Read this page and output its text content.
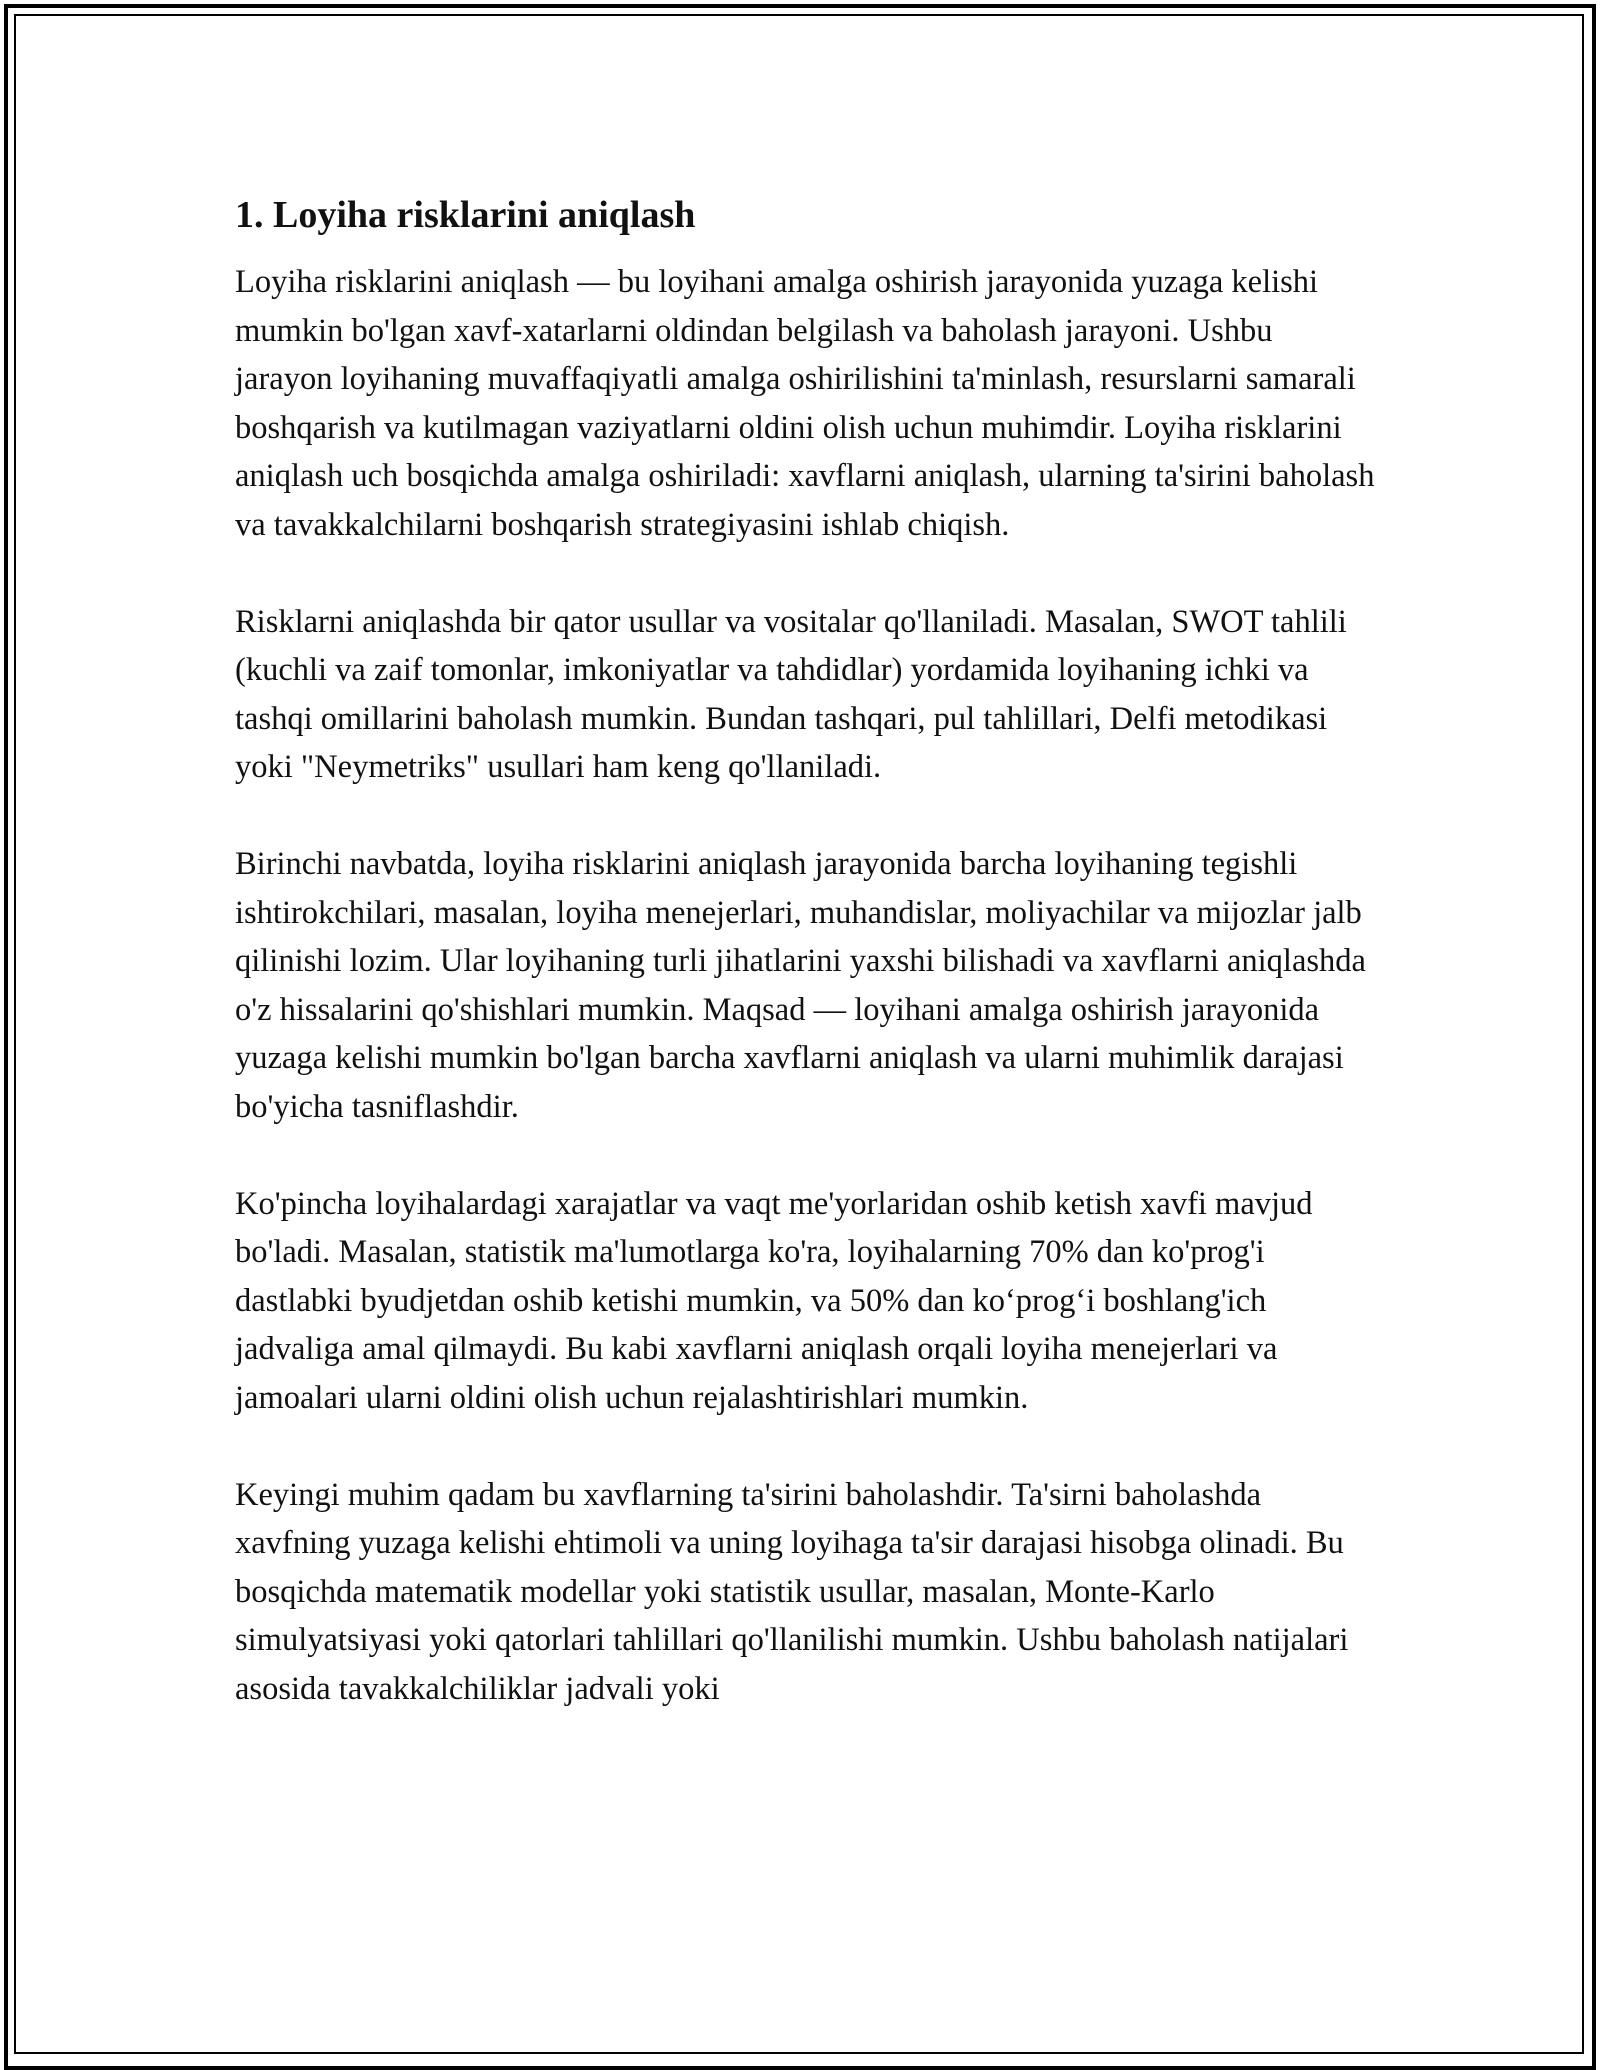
1. Loyiha risklarini aniqlash

Loyiha risklarini aniqlash — bu loyihani amalga oshirish jarayonida yuzaga kelishi mumkin bo'lgan xavf-xatarlarni oldindan belgilash va baholash jarayoni. Ushbu jarayon loyihaning muvaffaqiyatli amalga oshirilishini ta'minlash, resurslarni samarali boshqarish va kutilmagan vaziyatlarni oldini olish uchun muhimdir. Loyiha risklarini aniqlash uch bosqichda amalga oshiriladi: xavflarni aniqlash, ularning ta'sirini baholash va tavakkalchilarni boshqarish strategiyasini ishlab chiqish.

Risklarni aniqlashda bir qator usullar va vositalar qo'llaniladi. Masalan, SWOT tahlili (kuchli va zaif tomonlar, imkoniyatlar va tahdidlar) yordamida loyihaning ichki va tashqi omillarini baholash mumkin. Bundan tashqari, pul tahlillari, Delfi metodikasi yoki "Neymetriks" usullari ham keng qo'llaniladi.

Birinchi navbatda, loyiha risklarini aniqlash jarayonida barcha loyihaning tegishli ishtirokchilari, masalan, loyiha menejerlari, muhandislar, moliyachilar va mijozlar jalb qilinishi lozim. Ular loyihaning turli jihatlarini yaxshi bilishadi va xavflarni aniqlashda o'z hissalarini qo'shishlari mumkin. Maqsad — loyihani amalga oshirish jarayonida yuzaga kelishi mumkin bo'lgan barcha xavflarni aniqlash va ularni muhimlik darajasi bo'yicha tasniflashdir.

Ko'pincha loyihalardagi xarajatlar va vaqt me'yorlaridan oshib ketish xavfi mavjud bo'ladi. Masalan, statistik ma'lumotlarga ko'ra, loyihalarning 70% dan ko'prog'i dastlabki byudjetdan oshib ketishi mumkin, va 50% dan ko‘prog‘i boshlang'ich jadvaliga amal qilmaydi. Bu kabi xavflarni aniqlash orqali loyiha menejerlari va jamoalari ularni oldini olish uchun rejalashtirishlari mumkin.

Keyingi muhim qadam bu xavflarning ta'sirini baholashdir. Ta'sirni baholashda xavfning yuzaga kelishi ehtimoli va uning loyihaga ta'sir darajasi hisobga olinadi. Bu bosqichda matematik modellar yoki statistik usullar, masalan, Monte-Karlo simulyatsiyasi yoki qatorlari tahlillari qo'llanilishi mumkin. Ushbu baholash natijalari asosida tavakkalchiliklar jadvali yoki
